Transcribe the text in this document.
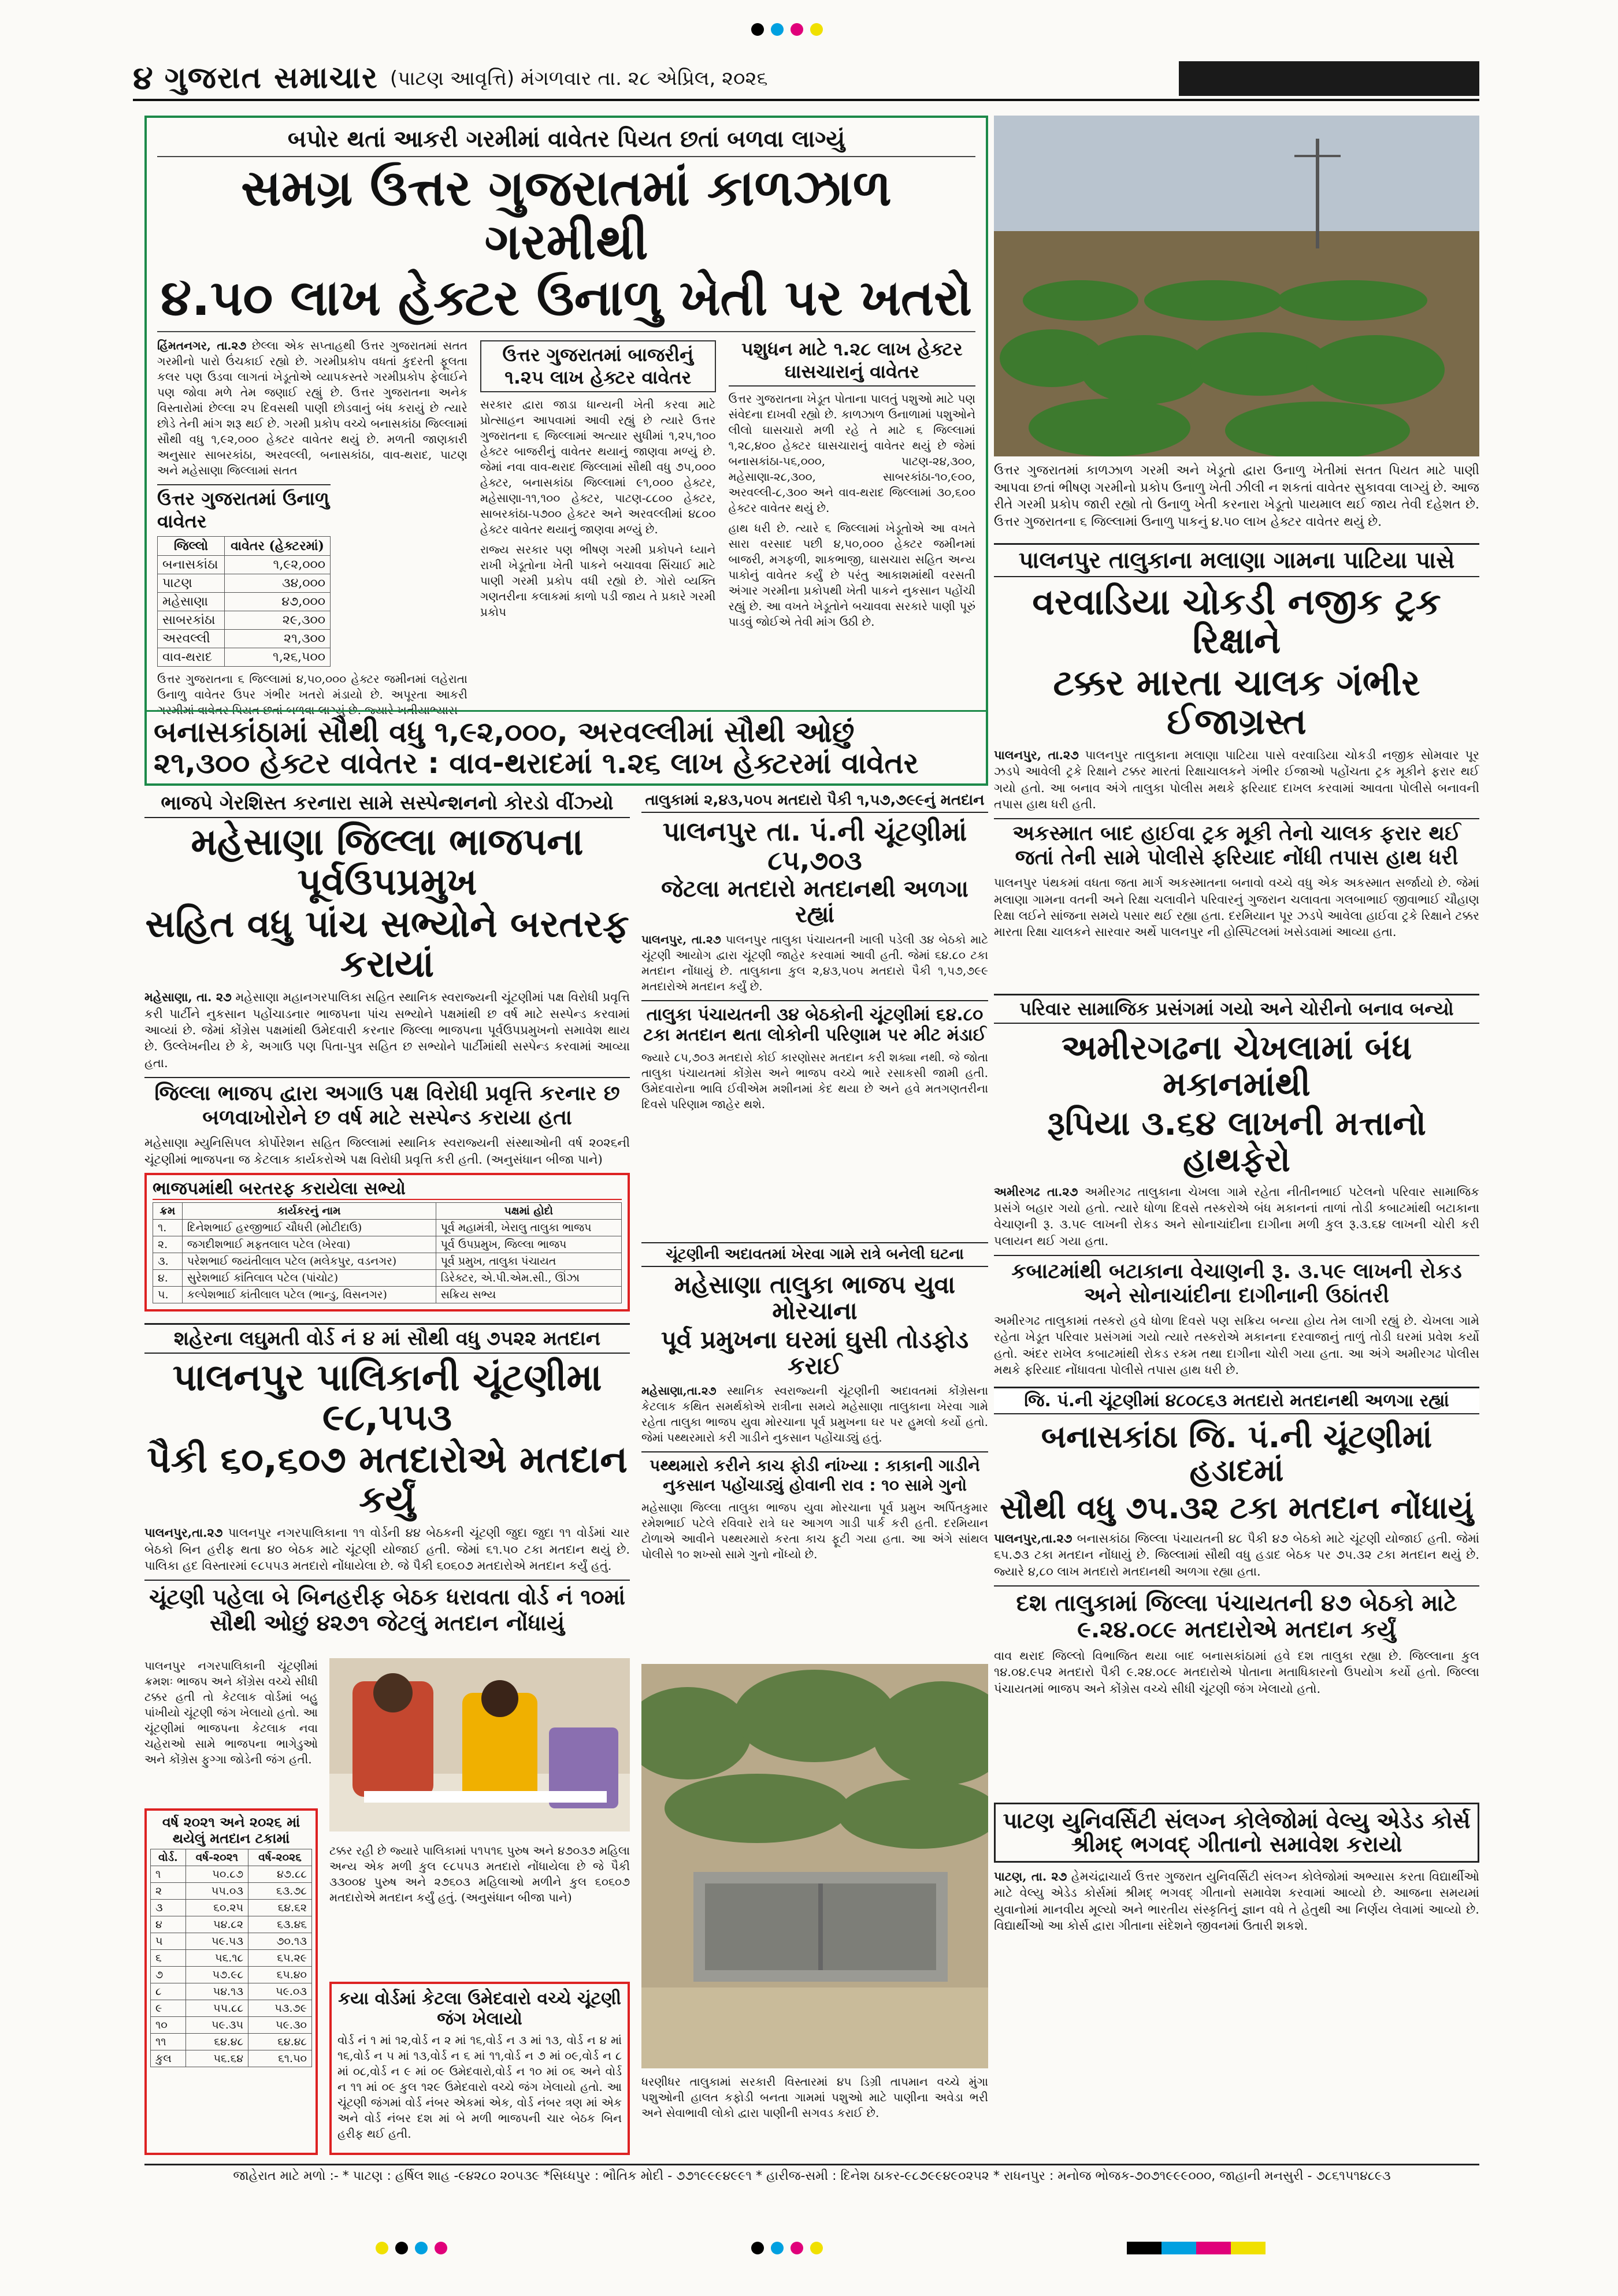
૪ ગુજરાત સમાચાર (પાટણ આવૃત્તિ) મંગળવાર તા. ૨૮ એપ્રિલ, ૨૦૨૬
બપોર થતાં આકરી ગરમીમાં વાવેતર પિયત છતાં બળવા લાગ્યું
સમગ્ર ઉત્તર ગુજરાતમાં કાળઝાળ ગરમીથી
૪.૫૦ લાખ હેક્ટર ઉનાળુ ખેતી પર ખતરો
હિંમતનગર, તા.૨૭ છેલ્લા એક સપ્તાહથી ઉત્તર ગુજરાતમાં સતત ગરમીનો પારો ઉંચકાઈ રહ્યો છે. ગરમીપ્રકોપ વધતાં કુદરતી ફૂલતા કલર પણ ઉડવા લાગતાં ખેડૂતોએ વ્યાપકસ્તરે ગરમીપ્રકોપ ફેલાઈને પણ જોવા મળે તેમ જણાઈ રહ્યું છે. ઉત્તર ગુજરાતના અનેક વિસ્તારોમાં છેલ્લા ૨૫ દિવસથી પાણી છોડવાનું બંધ કરાયું છે ત્યારે છોડે તેની માંગ શરૂ થઈ છે. ગરમી પ્રકોપ વચ્ચે બનાસકાંઠા જિલ્લામાં સૌથી વધુ ૧,૯૨,૦૦૦ હેક્ટર વાવેતર થયું છે. મળતી જાણકારી અનુસાર સાબરકાંઠા, અરવલ્લી, બનાસકાંઠા, વાવ-થરાદ, પાટણ અને મહેસાણા જિલ્લામાં સતત
ઉત્તર ગુજરાતમાં ઉનાળુ વાવેતર
જિલ્લો	વાવેતર (હેક્ટરમાં)
બનાસકાંઠા	૧,૯૨,૦૦૦
પાટણ	૩૪,૦૦૦
મહેસાણા	૪૭,૦૦૦
સાબરકાંઠા	૨૯,૩૦૦
અરવલ્લી	૨૧,૩૦૦
વાવ-થરાદ	૧,૨૬,૫૦૦
ઉત્તર ગુજરાતના ૬ જિલ્લામાં ૪,૫૦,૦૦૦ હેક્ટર જમીનમાં લહેરાતા ઉનાળુ વાવેતર ઉપર ગંભીર ખતરો મંડાયો છે. અપૂરતા આકરી ગરમીમાં વાવેતર પિયત છતાં બળવા લાગ્યું છે. જ્યારે ખતીયાભ્યાસ
ઉત્તર ગુજરાતમાં બાજરીનું ૧.૨૫ લાખ હેક્ટર વાવેતર
સરકાર દ્વારા જાડા ધાન્યની ખેતી કરવા માટે પ્રોત્સાહન આપવામાં આવી રહ્યું છે ત્યારે ઉત્તર ગુજરાતના ૬ જિલ્લામાં અત્યાર સુધીમાં ૧,૨૫,૧૦૦ હેક્ટર બાજરીનું વાવેતર થયાનું જાણવા મળ્યું છે. જેમાં નવા વાવ-થરાદ જિલ્લામાં સૌથી વધુ ૭૫,૦૦૦ હેક્ટર, બનાસકાંઠા જિલ્લામાં ૯૧,૦૦૦ હેક્ટર, મહેસાણા-૧૧,૧૦૦ હેક્ટર, પાટણ-૮૮૦૦ હેક્ટર, સાબરકાંઠા-૫૭૦૦ હેક્ટર અને અરવલ્લીમાં ૪૮૦૦ હેક્ટર વાવેતર થયાનું જાણવા મળ્યું છે.
રાજ્ય સરકાર પણ ભીષણ ગરમી પ્રકોપને ધ્યાને રાખી ખેડૂતોના ખેતી પાકને બચાવવા સિંચાઈ માટે પાણી ગરમી પ્રકોપ વધી રહ્યો છે. ગોરો વ્યક્તિ ગણતરીના કલાકમાં કાળો પડી જાય તે પ્રકારે ગરમી પ્રકોપ
પશુધન માટે ૧.૨૮ લાખ હેક્ટર ઘાસચારાનું વાવેતર
ઉત્તર ગુજરાતના ખેડૂત પોતાના પાલતું પશુઓ માટે પણ સંવેદના દાખવી રહ્યો છે. કાળઝાળ ઉનાળામાં પશુઓને લીલો ઘાસચારો મળી રહે તે માટે ૬ જિલ્લામાં ૧,૨૮,૪૦૦ હેક્ટર ઘાસચારાનું વાવેતર થયું છે જેમાં બનાસકાંઠા-૫૬,૦૦૦, પાટણ-૨૪,૩૦૦, મહેસાણા-૨૮,૩૦૦, સાબરકાંઠા-૧૦,૯૦૦, અરવલ્લી-૮,૩૦૦ અને વાવ-થરાદ જિલ્લામાં ૩૦,૬૦૦ હેક્ટર વાવેતર થયું છે.
હાથ ધરી છે. ત્યારે ૬ જિલ્લામાં ખેડૂતોએ આ વખતે સારા વરસાદ પછી ૪,૫૦,૦૦૦ હેક્ટર જમીનમાં બાજરી, મગફળી, શાકભાજી, ઘાસચારા સહિત અન્ય પાકોનું વાવેતર કર્યું છે પરંતુ આકાશમાંથી વરસતી અંગાર ગરમીના પ્રકોપથી ખેતી પાકને નુકસાન પહોંચી રહ્યું છે. આ વખતે ખેડૂતોને બચાવવા સરકારે પાણી પૂરું પાડવું જોઈએ તેવી માંગ ઉઠી છે.
બનાસકાંઠામાં સૌથી વધુ ૧,૯૨,૦૦૦, અરવલ્લીમાં સૌથી ઓછું
૨૧,૩૦૦ હેક્ટર વાવેતર : વાવ-થરાદમાં ૧.૨૬ લાખ હેક્ટરમાં વાવેતર
ઉત્તર ગુજરાતમાં કાળઝાળ ગરમી અને ખેડૂતો દ્વારા ઉનાળુ ખેતીમાં સતત પિયત માટે પાણી આપવા છતાં ભીષણ ગરમીનો પ્રકોપ ઉનાળુ ખેતી ઝીલી ન શકતાં વાવેતર સુકાવવા લાગ્યું છે. આજ રીતે ગરમી પ્રકોપ જારી રહ્યો તો ઉનાળુ ખેતી કરનારા ખેડૂતો પાયમાલ થઈ જાય તેવી દહેશત છે. ઉત્તર ગુજરાતના ૬ જિલ્લામાં ઉનાળુ પાકનું ૪.૫૦ લાખ હેક્ટર વાવેતર થયું છે.
પાલનપુર તાલુકાના મલાણા ગામના પાટિયા પાસે
વરવાડિયા ચોકડી નજીક ટ્રક રિક્ષાને
ટક્કર મારતા ચાલક ગંભીર ઈજાગ્રસ્ત
પાલનપુર, તા.૨૭ પાલનપુર તાલુકાના મલાણા પાટિયા પાસે વરવાડિયા ચોકડી નજીક સોમવાર પૂર ઝડપે આવેલી ટ્રકે રિક્ષાને ટક્કર મારતાં રિક્ષાચાલકને ગંભીર ઈજાઓ પહોંચતા ટ્રક મૂકીને ફરાર થઈ ગયો હતો. આ બનાવ અંગે તાલુકા પોલીસ મથકે ફરિયાદ દાખલ કરવામાં આવતા પોલીસે બનાવની તપાસ હાથ ધરી હતી.
અકસ્માત બાદ હાઈવા ટ્રક મૂકી તેનો ચાલક ફરાર થઈ
જતાં તેની સામે પોલીસે ફરિયાદ નોંધી તપાસ હાથ ધરી
પાલનપુર પંથકમાં વધતા જતા માર્ગ અકસ્માતના બનાવો વચ્ચે વધુ એક અકસ્માત સર્જાયો છે. જેમાં મલાણા ગામના વતની અને રિક્ષા ચલાવીને પરિવારનું ગુજરાન ચલાવતા ગલબાભાઈ જીવાભાઈ ચૌહાણ રિક્ષા લઈને સાંજના સમયે પસાર થઈ રહ્યા હતા. દરમિયાન પૂર ઝડપે આવેલા હાઈવા ટ્રકે રિક્ષાને ટક્કર મારતા રિક્ષા ચાલકને સારવાર અર્થે પાલનપુર ની હોસ્પિટલમાં ખસેડવામાં આવ્યા હતા.
ભાજપે ગેરશિસ્ત કરનારા સામે સસ્પેન્શનનો કોરડો વીંઝ્યો
મહેસાણા જિલ્લા ભાજપના પૂર્વઉપપ્રમુખ
સહિત વધુ પાંચ સભ્યોને બરતરફ કરાયાં
મહેસાણા, તા. ૨૭ મહેસાણા મહાનગરપાલિકા સહિત સ્થાનિક સ્વરાજ્યની ચૂંટણીમાં પક્ષ વિરોધી પ્રવૃત્તિ કરી પાર્ટીને નુકસાન પહોંચાડનાર ભાજપના પાંચ સભ્યોને પક્ષમાંથી છ વર્ષ માટે સસ્પેન્ડ કરવામાં આવ્યાં છે. જેમાં કોંગ્રેસ પક્ષમાંથી ઉમેદવારી કરનાર જિલ્લા ભાજપના પૂર્વઉપપ્રમુખનો સમાવેશ થાય છે. ઉલ્લેખનીય છે કે, અગાઉ પણ પિતા-પુત્ર સહિત છ સભ્યોને પાર્ટીમાંથી સસ્પેન્ડ કરવામાં આવ્યા હતા.
જિલ્લા ભાજપ દ્વારા અગાઉ પક્ષ વિરોધી પ્રવૃત્તિ કરનાર છ બળવાખોરોને છ વર્ષ માટે સસ્પેન્ડ કરાયા હતા
મહેસાણા મ્યુનિસિપલ કોર્પોરેશન સહિત જિલ્લામાં સ્થાનિક સ્વરાજ્યની સંસ્થાઓની વર્ષ ૨૦૨૬ની ચૂંટણીમાં ભાજપના જ કેટલાક કાર્યકરોએ પક્ષ વિરોધી પ્રવૃત્તિ કરી હતી. (અનુસંધાન બીજા પાને)
ભાજપમાંથી બરતરફ કરાયેલા સભ્યો
ક્રમ	કાર્યકરનું નામ	પક્ષમાં હોદો
૧.	દિનેશભાઈ હરજીભાઈ ચૌધરી (મોટીદાઉ)	પૂર્વ મહામંત્રી, ખેરાલુ તાલુકા ભાજપ
૨.	જગદીશભાઈ મફતલાલ પટેલ (ખેરવા)	પૂર્વ ઉપપ્રમુખ, જિલ્લા ભાજપ
૩.	પરેશભાઈ જયંતીલાલ પટેલ (મલેકપુર, વડનગર)	પૂર્વ પ્રમુખ, તાલુકા પંચાયત
૪.	સુરેશભાઈ કાંતિલાલ પટેલ (પાંચોટ)	ડિરેક્ટર, એ.પી.એમ.સી., ઊંઝા
૫.	કલ્પેશભાઈ કાંતીલાલ પટેલ (ભાન્ડુ, વિસનગર)	સક્રિય સભ્ય
તાલુકામાં ૨,૪૩,૫૦૫ મતદારો પૈકી ૧,૫૭,૭૯૯નું મતદાન
પાલનપુર તા. પં.ની ચૂંટણીમાં ૮૫,૭૦૩
જેટલા મતદારો મતદાનથી અળગા રહ્યાં
પાલનપુર, તા.૨૭ પાલનપુર તાલુકા પંચાયતની ખાલી પડેલી ૩૪ બેઠકો માટે ચૂંટણી આયોગ દ્વારા ચૂંટણી જાહેર કરવામાં આવી હતી. જેમાં ૬૪.૮૦ ટકા મતદાન નોંધાયું છે. તાલુકાના કુલ ૨,૪૩,૫૦૫ મતદારો પૈકી ૧,૫૭,૭૯૯ મતદારોએ મતદાન કર્યું છે.
તાલુકા પંચાયતની ૩૪ બેઠકોની ચૂંટણીમાં ૬૪.૮૦ ટકા મતદાન થતા લોકોની પરિણામ પર મીટ મંડાઈ
જ્યારે ૮૫,૭૦૩ મતદારો કોઈ કારણોસર મતદાન કરી શક્યા નથી. જે જોતા તાલુકા પંચાયતમાં કોંગ્રેસ અને ભાજપ વચ્ચે ભારે રસાકસી જામી હતી. ઉમેદવારોના ભાવિ ઈવીએમ મશીનમાં કેદ થયા છે અને હવે મતગણતરીના દિવસે પરિણામ જાહેર થશે.
પરિવાર સામાજિક પ્રસંગમાં ગયો અને ચોરીનો બનાવ બન્યો
અમીરગઢના ચેખલામાં બંધ મકાનમાંથી
રૂપિયા ૩.૬૪ લાખની મત્તાનો હાથફેરો
અમીરગઢ તા.૨૭ અમીરગઢ તાલુકાના ચેખલા ગામે રહેતા નીતીનભાઈ પટેલનો પરિવાર સામાજિક પ્રસંગે બહાર ગયો હતો. ત્યારે ધોળા દિવસે તસ્કરોએ બંધ મકાનનાં તાળાં તોડી કબાટમાંથી બટાકાના વેચાણની રૂ. ૩.૫૯ લાખની રોકડ અને સોનાચાંદીના દાગીના મળી કુલ રૂ.૩.૬૪ લાખની ચોરી કરી પલાયન થઈ ગયા હતા.
કબાટમાંથી બટાકાના વેચાણની રૂ. ૩.૫૯ લાખની રોકડ અને સોનાચાંદીના દાગીનાની ઉઠાંતરી
અમીરગઢ તાલુકામાં તસ્કરો હવે ધોળા દિવસે પણ સક્રિય બન્યા હોય તેમ લાગી રહ્યું છે. ચેખલા ગામે રહેતા ખેડૂત પરિવાર પ્રસંગમાં ગયો ત્યારે તસ્કરોએ મકાનના દરવાજાનું તાળું તોડી ઘરમાં પ્રવેશ કર્યો હતો. અંદર રાખેલ કબાટમાંથી રોકડ રકમ તથા દાગીના ચોરી ગયા હતા. આ અંગે અમીરગઢ પોલીસ મથકે ફરિયાદ નોંધાવતા પોલીસે તપાસ હાથ ધરી છે.
ચૂંટણીની અદાવતમાં ખેરવા ગામે રાત્રે બનેલી ઘટના
મહેસાણા તાલુકા ભાજપ યુવા મોરચાના
પૂર્વ પ્રમુખના ઘરમાં ઘુસી તોડફોડ કરાઈ
મહેસાણા,તા.૨૭ સ્થાનિક સ્વરાજ્યની ચૂંટણીની અદાવતમાં કોંગ્રેસના કેટલાક કથિત સમર્થકોએ રાત્રીના સમયે મહેસાણા તાલુકાના ખેરવા ગામે રહેતા તાલુકા ભાજપ યુવા મોરચાના પૂર્વ પ્રમુખના ઘર પર હુમલો કર્યો હતો. જેમાં પથ્થરમારો કરી ગાડીને નુકસાન પહોંચાડ્યું હતું.
પથ્થમારો કરીને કાચ ફોડી નાંખ્યા : કાકાની ગાડીને નુકસાન પહોંચાડ્યું હોવાની રાવ : ૧૦ સામે ગુનો
મહેસાણા જિલ્લા તાલુકા ભાજપ યુવા મોરચાના પૂર્વ પ્રમુખ અર્પિતકુમાર રમેશભાઈ પટેલે રવિવારે રાત્રે ઘર આગળ ગાડી પાર્ક કરી હતી. દરમિયાન ટોળાએ આવીને પથ્થરમારો કરતા કાચ ફૂટી ગયા હતા. આ અંગે સાંથલ પોલીસે ૧૦ શખ્સો સામે ગુનો નોંધ્યો છે.
જિ. પં.ની ચૂંટણીમાં ૪૮૦૮૬૩ મતદારો મતદાનથી અળગા રહ્યાં
બનાસકાંઠા જિ. પં.ની ચૂંટણીમાં હડાદમાં
સૌથી વધુ ૭૫.૩૨ ટકા મતદાન નોંધાયું
પાલનપુર,તા.૨૭ બનાસકાંઠા જિલ્લા પંચાયતની ૪૮ પૈકી ૪૭ બેઠકો માટે ચૂંટણી યોજાઈ હતી. જેમાં ૬૫.૭૩ ટકા મતદાન નોંધાયું છે. જિલ્લામાં સૌથી વધુ હડાદ બેઠક પર ૭૫.૩૨ ટકા મતદાન થયું છે. જ્યારે ૪,૮૦ લાખ મતદારો મતદાનથી અળગા રહ્યા હતા.
દશ તાલુકામાં જિલ્લા પંચાયતની ૪૭ બેઠકો માટે ૯.૨૪.૦૮૯ મતદારોએ મતદાન કર્યું
વાવ થરાદ જિલ્લો વિભાજિત થયા બાદ બનાસકાંઠામાં હવે દશ તાલુકા રહ્યા છે. જિલ્લાના કુલ ૧૪.૦૪.૯૫૨ મતદારો પૈકી ૯.૨૪.૦૮૯ મતદારોએ પોતાના મતાધિકારનો ઉપયોગ કર્યો હતો. જિલ્લા પંચાયતમાં ભાજપ અને કોંગ્રેસ વચ્ચે સીધી ચૂંટણી જંગ ખેલાયો હતો.
શહેરના લઘુમતી વોર્ડ નં ૪ માં સૌથી વધુ ૭૫૨૨ મતદાન
પાલનપુર પાલિકાની ચૂંટણીમા ૯૮,૫૫૩
પૈકી ૬૦,૬૦૭ મતદારોએ મતદાન કર્યું
પાલનપુર,તા.૨૭ પાલનપુર નગરપાલિકાના ૧૧ વોર્ડની ૪૪ બેઠકની ચૂંટણી જુદા જુદા ૧૧ વોર્ડમાં ચાર બેઠકો બિન હરીફ થતા ૪૦ બેઠક માટે ચૂંટણી યોજાઈ હતી. જેમાં ૬૧.૫૦ ટકા મતદાન થયું છે. પાલિકા હદ વિસ્તારમાં ૯૮૫૫૩ મતદારો નોંધાયેલા છે. જે પૈકી ૬૦૬૦૭ મતદારોએ મતદાન કર્યું હતું.
ચૂંટણી પહેલા બે બિનહરીફ બેઠક ધરાવતા વોર્ડ નં ૧૦માં સૌથી ઓછું ૪૨૭૧ જેટલું મતદાન નોંધાયું
પાલનપુર નગરપાલિકાની ચૂંટણીમાં ક્રમશઃ ભાજપ અને કોંગ્રેસ વચ્ચે સીધી ટક્કર હતી તો કેટલાક વોર્ડમાં બહુ પાંખીયો ચૂંટણી જંગ ખેલાયો હતો. આ ચૂંટણીમાં ભાજપના કેટલાક નવા ચહેરાઓ સામે ભાજપના ભાગેડુઓ અને કોંગ્રેસ ફુગ્ગા જોડેની જંગ હતી.
વર્ષ ૨૦૨૧ અને ૨૦૨૬ માં થયેલું મતદાન ટકામાં
વોર્ડ.	વર્ષ-૨૦૨૧	વર્ષ-૨૦૨૬
૧	૫૦.૮૭	૪૭.૮૮
૨	૫૫.૦૩	૬૩.૭૮
૩	૬૦.૨૫	૬૪.૬૨
૪	૫૪.૮૨	૬૩.૪૬
૫	૫૯.૫૩	૭૦.૧૩
૬	૫૬.૧૮	૬૫.૨૯
૭	૫૭.૯૮	૬૫.૪૦
૮	૫૪.૧૩	૫૯.૦૩
૯	૫૫.૮૮	૫૩.૭૯
૧૦	૫૯.૩૫	૫૯.૩૦
૧૧	૬૪.૪૮	૬૪.૪૮
કુલ	૫૬.૬૪	૬૧.૫૦
ટક્કર રહી છે જ્યારે પાલિકામાં ૫૧૫૧૬ પુરુષ અને ૪૭૦૩૭ મહિલા અન્ય એક મળી કુલ ૯૮૫૫૩ મતદારો નોંધાયેલા છે જે પૈકી ૩૩૦૦૪ પુરુષ અને ૨૭૬૦૩ મહિલાઓ મળીને કુલ ૬૦૬૦૭ મતદારોએ મતદાન કર્યું હતું. (અનુસંધાન બીજા પાને)
કયા વોર્ડમાં કેટલા ઉમેદવારો વચ્ચે ચૂંટણી જંગ ખેલાયો
વોર્ડ નં ૧ માં ૧૨,વોર્ડ ન ૨ માં ૧૬,વોર્ડ ન ૩ માં ૧૩, વોર્ડ ન ૪ માં ૧૬,વોર્ડ ન ૫ માં ૧૩,વોર્ડ ન ૬ માં ૧૧,વોર્ડ ન ૭ માં ૦૯,વોર્ડ ન ૮ માં ૦૮,વોર્ડ ન ૯ માં ૦૯ ઉમેદવારો,વોર્ડ ન ૧૦ માં ૦૬ અને વોર્ડ ન ૧૧ માં ૦૯ કુલ ૧૨૯ ઉમેદવારો વચ્ચે જંગ ખેલાયો હતો. આ ચૂંટણી જંગમાં વોર્ડ નંબર એકમાં એક, વોર્ડ નંબર ત્રણ માં એક અને વોર્ડ નંબર દશ માં બે મળી ભાજપની ચાર બેઠક બિન હરીફ થઈ હતી.
ધરણીધર તાલુકામાં સરકારી વિસ્તારમાં ૪૫ ડિગ્રી તાપમાન વચ્ચે મુંગા પશુઓની હાલત કફોડી બનતા ગામમાં પશુઓ માટે પાણીના અવેડા ભરી અને સેવાભાવી લોકો દ્વારા પાણીની સગવડ કરાઈ છે.
પાટણ યુનિવર્સિટી સંલગ્ન કોલેજોમાં વેલ્યુ એડેડ કોર્સ શ્રીમદ્ ભગવદ્ ગીતાનો સમાવેશ કરાયો
પાટણ, તા. ૨૭ હેમચંદ્રાચાર્ય ઉત્તર ગુજરાત યુનિવર્સિટી સંલગ્ન કોલેજોમાં અભ્યાસ કરતા વિદ્યાર્થીઓ માટે વેલ્યુ એડેડ કોર્સમાં શ્રીમદ્ ભગવદ્ ગીતાનો સમાવેશ કરવામાં આવ્યો છે. આજના સમયમાં યુવાનોમાં માનવીય મૂલ્યો અને ભારતીય સંસ્કૃતિનું જ્ઞાન વધે તે હેતુથી આ નિર્ણય લેવામાં આવ્યો છે. વિદ્યાર્થીઓ આ કોર્સ દ્વારા ગીતાના સંદેશને જીવનમાં ઉતારી શકશે.
જાહેરાત માટે મળો :- * પાટણ : હર્ષિલ શાહ -૯૪૨૮૦ ૨૦૫૩૯ *સિધ્ધપુર : ભૌતિક મોદી - ૭૭૧૯૯૯૪૯૯૧ * હારીજ-સમી : દિનેશ ઠાકર-૯૮૭૯૯૪૯૦૨૫૨ * રાધનપુર : મનોજ ભોજક-૭૦૭૧૯૯૯૦૦૦, જાહાની મનસુરી - ૭૮૬૧૫૧૪૮૯૩
